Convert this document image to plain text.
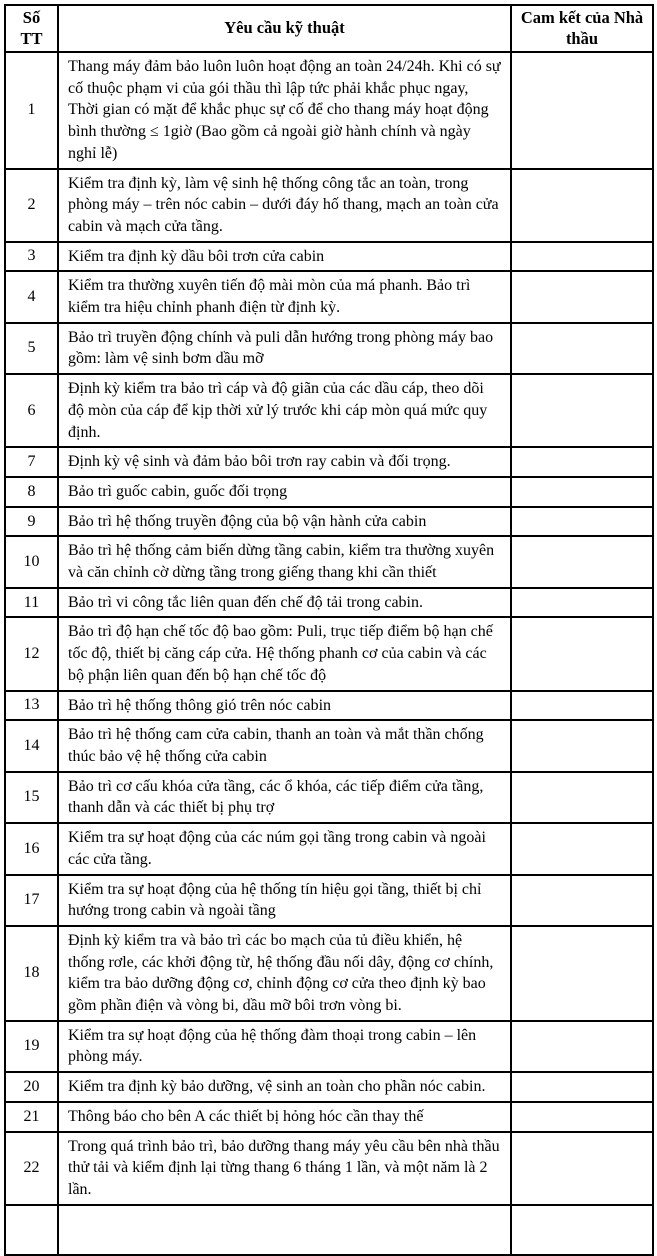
Số TT	Yêu cầu kỹ thuật	Cam kết của Nhà thầu
1	Thang máy đảm bảo luôn luôn hoạt động an toàn 24/24h. Khi có sự cố thuộc phạm vi của gói thầu thì lập tức phải khắc phục ngay, Thời gian có mặt để khắc phục sự cố để cho thang máy hoạt động bình thường ≤ 1giờ (Bao gồm cả ngoài giờ hành chính và ngày nghỉ lễ)	
2	Kiểm tra định kỳ, làm vệ sinh hệ thống công tắc an toàn, trong phòng máy – trên nóc cabin – dưới đáy hố thang, mạch an toàn cửa cabin và mạch cửa tầng.	
3	Kiểm tra định kỳ dầu bôi trơn cửa cabin	
4	Kiểm tra thường xuyên tiến độ mài mòn của má phanh. Bảo trì kiểm tra hiệu chỉnh phanh điện từ định kỳ.	
5	Bảo trì truyền động chính và puli dẫn hướng trong phòng máy bao gồm: làm vệ sinh bơm dầu mỡ	
6	Định kỳ kiểm tra bảo trì cáp và độ giãn của các dầu cáp, theo dõi độ mòn của cáp để kịp thời xử lý trước khi cáp mòn quá mức quy định.	
7	Định kỳ vệ sinh và đảm bảo bôi trơn ray cabin và đối trọng.	
8	Bảo trì guốc cabin, guốc đối trọng	
9	Bảo trì hệ thống truyền động của bộ vận hành cửa cabin	
10	Bảo trì hệ thống cảm biến dừng tầng cabin, kiểm tra thường xuyên và căn chỉnh cờ dừng tầng trong giếng thang khi cần thiết	
11	Bảo trì vi công tắc liên quan đến chế độ tải trong cabin.	
12	Bảo trì độ hạn chế tốc độ bao gồm: Puli, trục tiếp điểm bộ hạn chế tốc độ, thiết bị căng cáp cửa. Hệ thống phanh cơ của cabin và các bộ phận liên quan đến bộ hạn chế tốc độ	
13	Bảo trì hệ thống thông gió trên nóc cabin	
14	Bảo trì hệ thống cam cửa cabin, thanh an toàn và mắt thần chống thúc bảo vệ hệ thống cửa cabin	
15	Bảo trì cơ cấu khóa cửa tầng, các ổ khóa, các tiếp điểm cửa tầng, thanh dẫn và các thiết bị phụ trợ	
16	Kiểm tra sự hoạt động của các núm gọi tầng trong cabin và ngoài các cửa tầng.	
17	Kiểm tra sự hoạt động của hệ thống tín hiệu gọi tầng, thiết bị chỉ hướng trong cabin và ngoài tầng	
18	Định kỳ kiểm tra và bảo trì các bo mạch của tủ điều khiển, hệ thống rơle, các khởi động từ, hệ thống đầu nối dây, động cơ chính, kiểm tra bảo dưỡng động cơ, chỉnh động cơ cửa theo định kỳ bao gồm phần điện và vòng bi, dầu mỡ bôi trơn vòng bi.	
19	Kiểm tra sự hoạt động của hệ thống đàm thoại trong cabin – lên phòng máy.	
20	Kiểm tra định kỳ bảo dưỡng, vệ sinh an toàn cho phần nóc cabin.	
21	Thông báo cho bên A các thiết bị hỏng hóc cần thay thế	
22	Trong quá trình bảo trì, bảo dưỡng thang máy yêu cầu bên nhà thầu thử tải và kiểm định lại từng thang 6 tháng 1 lần, và một năm là 2 lần.	
